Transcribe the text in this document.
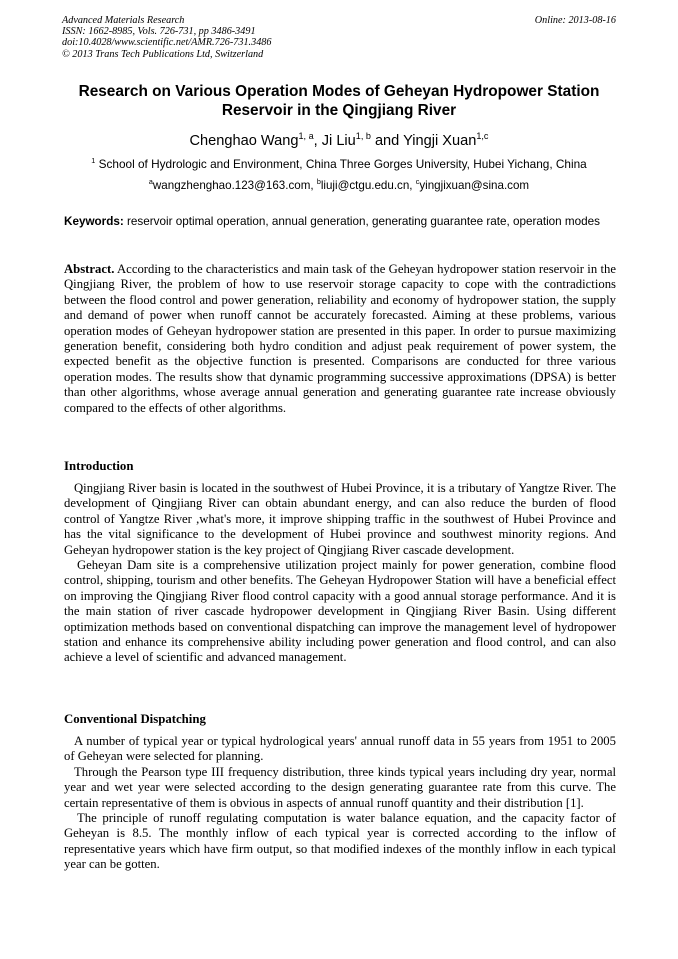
Advanced Materials Research
ISSN: 1662-8985, Vols. 726-731, pp 3486-3491
doi:10.4028/www.scientific.net/AMR.726-731.3486
© 2013 Trans Tech Publications Ltd, Switzerland
Online: 2013-08-16
Research on Various Operation Modes of Geheyan Hydropower Station
Reservoir in the Qingjiang River
Chenghao Wang$^{1, a}$, Ji Liu$^{1, b}$ and Yingji Xuan$^{1,c}$
$^1$ School of Hydrologic and Environment, China Three Gorges University, Hubei Yichang, China
$^a$wangzhenghao.123@163.com, $^b$liuji@ctgu.edu.cn, $^c$yingjixuan@sina.com
Keywords: reservoir optimal operation, annual generation, generating guarantee rate, operation modes
Abstract. According to the characteristics and main task of the Geheyan hydropower station reservoir in the Qingjiang River, the problem of how to use reservoir storage capacity to cope with the contradictions between the flood control and power generation, reliability and economy of hydropower station, the supply and demand of power when runoff cannot be accurately forecasted. Aiming at these problems, various operation modes of Geheyan hydropower station are presented in this paper. In order to pursue maximizing generation benefit, considering both hydro condition and adjust peak requirement of power system, the expected benefit as the objective function is presented. Comparisons are conducted for three various operation modes. The results show that dynamic programming successive approximations (DPSA) is better than other algorithms, whose average annual generation and generating guarantee rate increase obviously compared to the effects of other algorithms.
Introduction

Qingjiang River basin is located in the southwest of Hubei Province, it is a tributary of Yangtze River. The development of Qingjiang River can obtain abundant energy, and can also reduce the burden of flood control of Yangtze River ,what's more, it improve shipping traffic in the southwest of Hubei Province and has the vital significance to the development of Hubei province and southwest minority regions. And Geheyan hydropower station is the key project of Qingjiang River cascade development.

Geheyan Dam site is a comprehensive utilization project mainly for power generation, combine flood control, shipping, tourism and other benefits. The Geheyan Hydropower Station will have a beneficial effect on improving the Qingjiang River flood control capacity with a good annual storage performance. And it is the main station of river cascade hydropower development in Qingjiang River Basin. Using different optimization methods based on conventional dispatching can improve the management level of hydropower station and enhance its comprehensive ability including power generation and flood control, and can also achieve a level of scientific and advanced management.

Conventional Dispatching

A number of typical year or typical hydrological years' annual runoff data in 55 years from 1951 to 2005 of Geheyan were selected for planning.

Through the Pearson type III frequency distribution, three kinds typical years including dry year, normal year and wet year were selected according to the design generating guarantee rate from this curve. The certain representative of them is obvious in aspects of annual runoff quantity and their distribution [1].

The principle of runoff regulating computation is water balance equation, and the capacity factor of Geheyan is 8.5. The monthly inflow of each typical year is corrected according to the inflow of representative years which have firm output, so that modified indexes of the monthly inflow in each typical year can be gotten.
